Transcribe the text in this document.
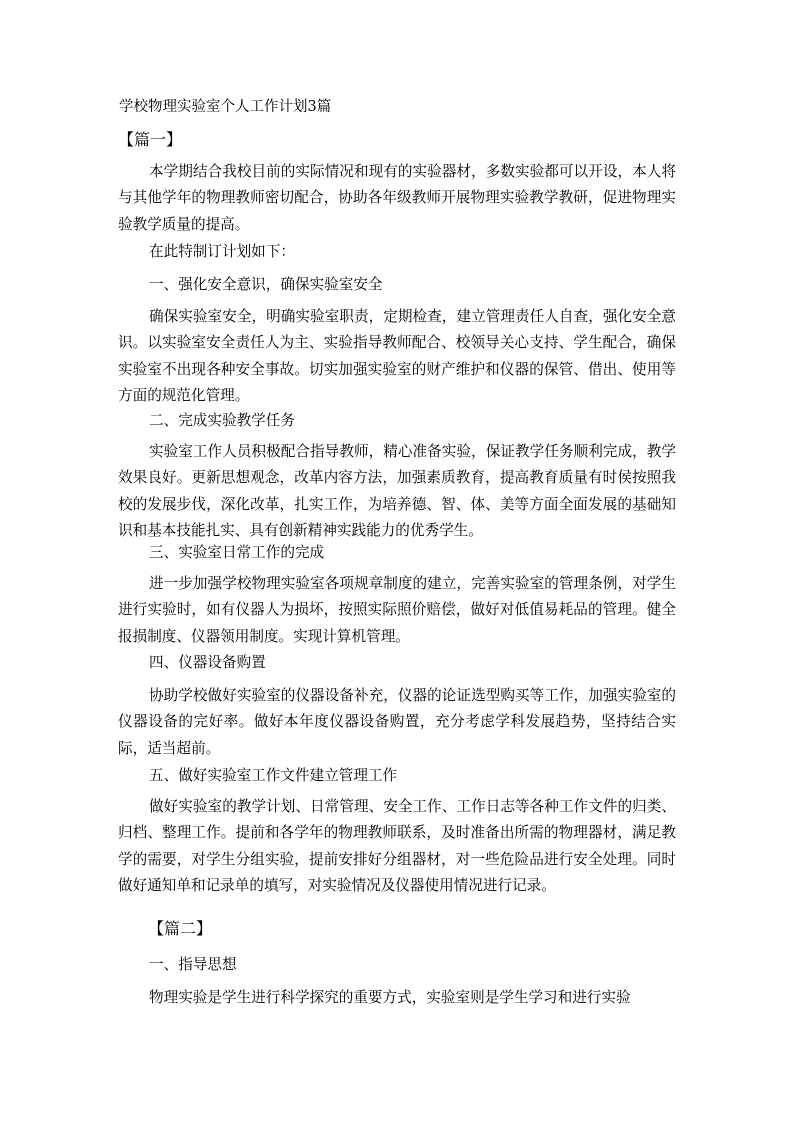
学校物理实验室个人工作计划3篇
【篇一】

本学期结合我校目前的实际情况和现有的实验器材，多数实验都可以开设，本人将与其他学年的物理教师密切配合，协助各年级教师开展物理实验教学教研，促进物理实验教学质量的提高。

在此特制订计划如下：

一、强化安全意识，确保实验室安全

确保实验室安全，明确实验室职责，定期检查，建立管理责任人自查，强化安全意识。以实验室安全责任人为主、实验指导教师配合、校领导关心支持、学生配合，确保实验室不出现各种安全事故。切实加强实验室的财产维护和仪器的保管、借出、使用等方面的规范化管理。

二、完成实验教学任务

实验室工作人员积极配合指导教师，精心准备实验，保证教学任务顺利完成，教学效果良好。更新思想观念，改革内容方法，加强素质教育，提高教育质量有时侯按照我校的发展步伐，深化改革，扎实工作，为培养德、智、体、美等方面全面发展的基础知识和基本技能扎实、具有创新精神实践能力的优秀学生。

三、实验室日常工作的完成

进一步加强学校物理实验室各项规章制度的建立，完善实验室的管理条例，对学生进行实验时，如有仪器人为损坏，按照实际照价赔偿，做好对低值易耗品的管理。健全报损制度、仪器领用制度。实现计算机管理。

四、仪器设备购置

协助学校做好实验室的仪器设备补充，仪器的论证选型购买等工作，加强实验室的仪器设备的完好率。做好本年度仪器设备购置，充分考虑学科发展趋势，坚持结合实际，适当超前。

五、做好实验室工作文件建立管理工作

做好实验室的教学计划、日常管理、安全工作、工作日志等各种工作文件的归类、归档、整理工作。提前和各学年的物理教师联系，及时准备出所需的物理器材，满足教学的需要，对学生分组实验，提前安排好分组器材，对一些危险品进行安全处理。同时做好通知单和记录单的填写，对实验情况及仪器使用情况进行记录。

【篇二】
一、指导思想

物理实验是学生进行科学探究的重要方式，实验室则是学生学习和进行实验
